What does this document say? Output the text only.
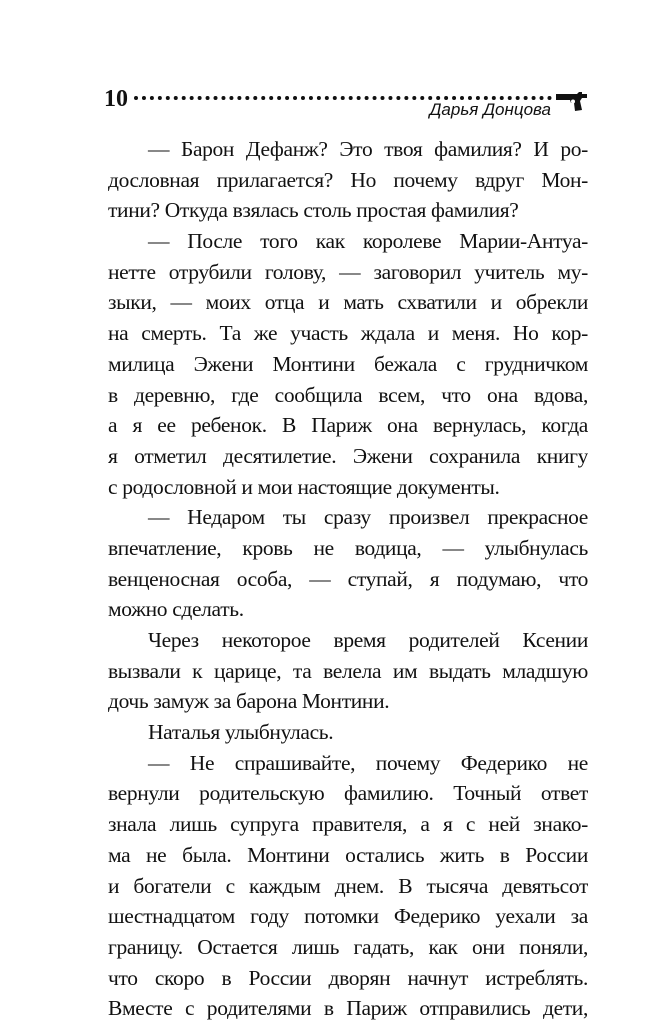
10	Дарья Донцова
— Барон Дефанж? Это твоя фамилия? И ро-
дословная прилагается? Но почему вдруг Мон-
тини? Откуда взялась столь простая фамилия?
— После того как королеве Марии-Антуа-
нетте отрубили голову, — заговорил учитель му-
зыки, — моих отца и мать схватили и обрекли
на смерть. Та же участь ждала и меня. Но кор-
милица Эжени Монтини бежала с грудничком
в деревню, где сообщила всем, что она вдова,
а я ее ребенок. В Париж она вернулась, когда
я отметил десятилетие. Эжени сохранила книгу
с родословной и мои настоящие документы.
— Недаром ты сразу произвел прекрасное
впечатление, кровь не водица, — улыбнулась
венценосная особа, — ступай, я подумаю, что
можно сделать.
Через некоторое время родителей Ксении
вызвали к царице, та велела им выдать младшую
дочь замуж за барона Монтини.
Наталья улыбнулась.
— Не спрашивайте, почему Федерико не
вернули родительскую фамилию. Точный ответ
знала лишь супруга правителя, а я с ней знако-
ма не была. Монтини остались жить в России
и богатели с каждым днем. В тысяча девятьсот
шестнадцатом году потомки Федерико уехали за
границу. Остается лишь гадать, как они поняли,
что скоро в России дворян начнут истреблять.
Вместе с родителями в Париж отправились дети,
